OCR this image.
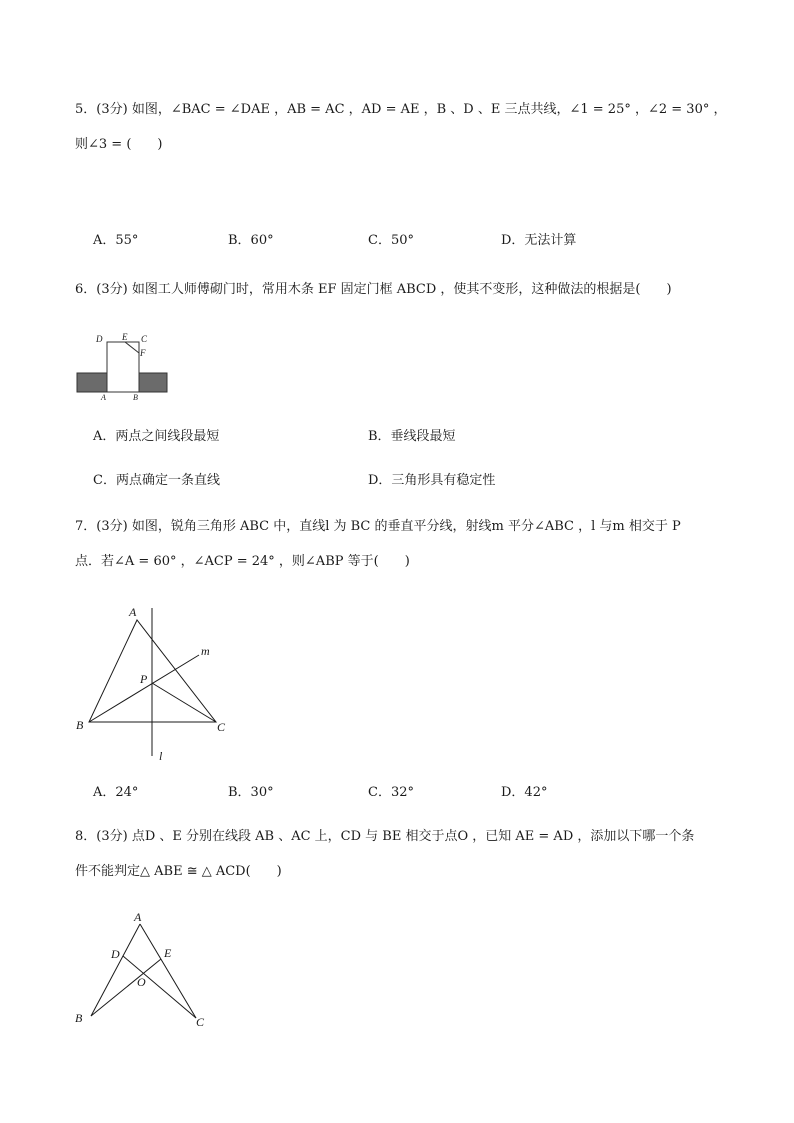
5．(3分) 如图，∠BAC = ∠DAE ，AB = AC ，AD = AE ，B 、D 、E 三点共线，∠1 = 25° ，∠2 = 30° ，
则∠3 = (　　)
A．55°	B．60°	C．50°	D．无法计算
6．(3分) 如图工人师傅砌门时，常用木条 EF 固定门框 ABCD ，使其不变形，这种做法的根据是(　　)
D E C
F
A	B
A．两点之间线段最短	B．垂线段最短
C．两点确定一条直线	D．三角形具有稳定性
7．(3分) 如图，锐角三角形 ABC 中，直线l 为 BC 的垂直平分线，射线m 平分∠ABC ，l 与m 相交于 P
点．若∠A = 60° ，∠ACP = 24° ，则∠ABP 等于(　　)
A
B	C
P
m
l
A．24°	B．30°	C．32°	D．42°
8．(3分) 点D 、E 分别在线段 AB 、AC 上，CD 与 BE 相交于点O ，已知 AE = AD ，添加以下哪一个条
件不能判定△ ABE ≅ △ ACD(　　)
A
D	E
O
B	C
